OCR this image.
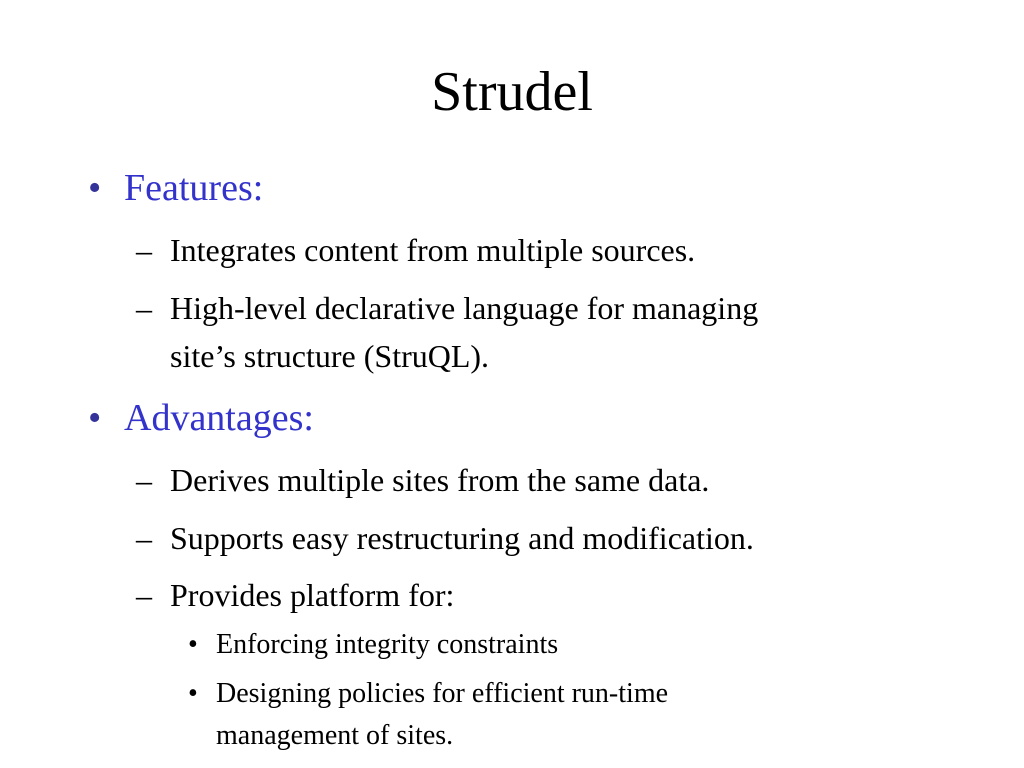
Strudel
• Features:
– Integrates content from multiple sources.
– High-level declarative language for managing
site’s structure (StruQL).
• Advantages:
– Derives multiple sites from the same data.
– Supports easy restructuring and modification.
– Provides platform for:
• Enforcing integrity constraints
• Designing policies for efficient run-time
management of sites.
